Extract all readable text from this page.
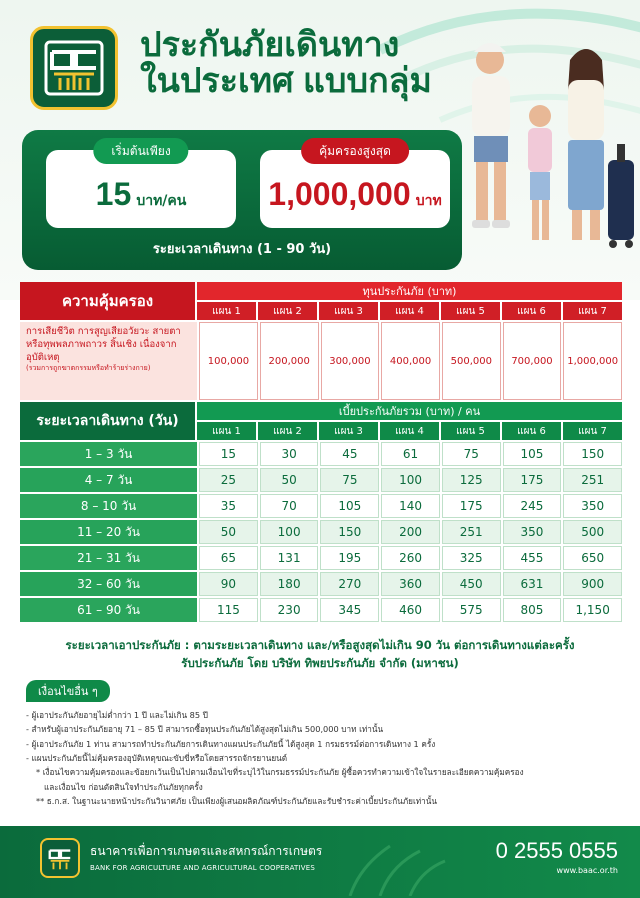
ประกันภัยเดินทาง
ในประเทศ แบบกลุ่ม
เริ่มต้นเพียง
15 บาท/คน
คุ้มครองสูงสุด
1,000,000 บาท
ระยะเวลาเดินทาง (1 - 90 วัน)
ความคุ้มครอง
ทุนประกันภัย (บาท)
แผน 1	แผน 2	แผน 3	แผน 4	แผน 5	แผน 6	แผน 7
การเสียชีวิต การสูญเสียอวัยวะ สายตาหรือทุพพลภาพถาวร สิ้นเชิง เนื่องจากอุบัติเหตุ
(รวมการถูกฆาตกรรมหรือทำร้ายร่างกาย)
100,000	200,000	300,000	400,000	500,000	700,000	1,000,000
ระยะเวลาเดินทาง (วัน)
เบี้ยประกันภัยรวม (บาท) / คน
แผน 1	แผน 2	แผน 3	แผน 4	แผน 5	แผน 6	แผน 7
1 – 3 วัน	15	30	45	61	75	105	150
4 – 7 วัน	25	50	75	100	125	175	251
8 – 10 วัน	35	70	105	140	175	245	350
11 – 20 วัน	50	100	150	200	251	350	500
21 – 31 วัน	65	131	195	260	325	455	650
32 – 60 วัน	90	180	270	360	450	631	900
61 – 90 วัน	115	230	345	460	575	805	1,150
ระยะเวลาเอาประกันภัย : ตามระยะเวลาเดินทาง และ/หรือสูงสุดไม่เกิน 90 วัน ต่อการเดินทางแต่ละครั้ง
รับประกันภัย โดย บริษัท ทิพยประกันภัย จำกัด (มหาชน)
เงื่อนไขอื่น ๆ
- ผู้เอาประกันภัยอายุไม่ต่ำกว่า 1 ปี และไม่เกิน 85 ปี
- สำหรับผู้เอาประกันภัยอายุ 71 – 85 ปี สามารถซื้อทุนประกันภัยได้สูงสุดไม่เกิน 500,000 บาท เท่านั้น
- ผู้เอาประกันภัย 1 ท่าน สามารถทำประกันภัยการเดินทางแผนประกันภัยนี้ ได้สูงสุด 1 กรมธรรม์ต่อการเดินทาง 1 ครั้ง
- แผนประกันภัยนี้ไม่คุ้มครองอุบัติเหตุขณะขับขี่หรือโดยสารรถจักรยานยนต์
* เงื่อนไขความคุ้มครองและข้อยกเว้นเป็นไปตามเงื่อนไขที่ระบุไว้ในกรมธรรม์ประกันภัย ผู้ซื้อควรทำความเข้าใจในรายละเอียดความคุ้มครอง
และเงื่อนไข ก่อนตัดสินใจทำประกันภัยทุกครั้ง
** ธ.ก.ส. ในฐานะนายหน้าประกันวินาศภัย เป็นเพียงผู้เสนอผลิตภัณฑ์ประกันภัยและรับชำระค่าเบี้ยประกันภัยเท่านั้น
ธนาคารเพื่อการเกษตรและสหกรณ์การเกษตร
BANK FOR AGRICULTURE AND AGRICULTURAL COOPERATIVES
0 2555 0555
www.baac.or.th
